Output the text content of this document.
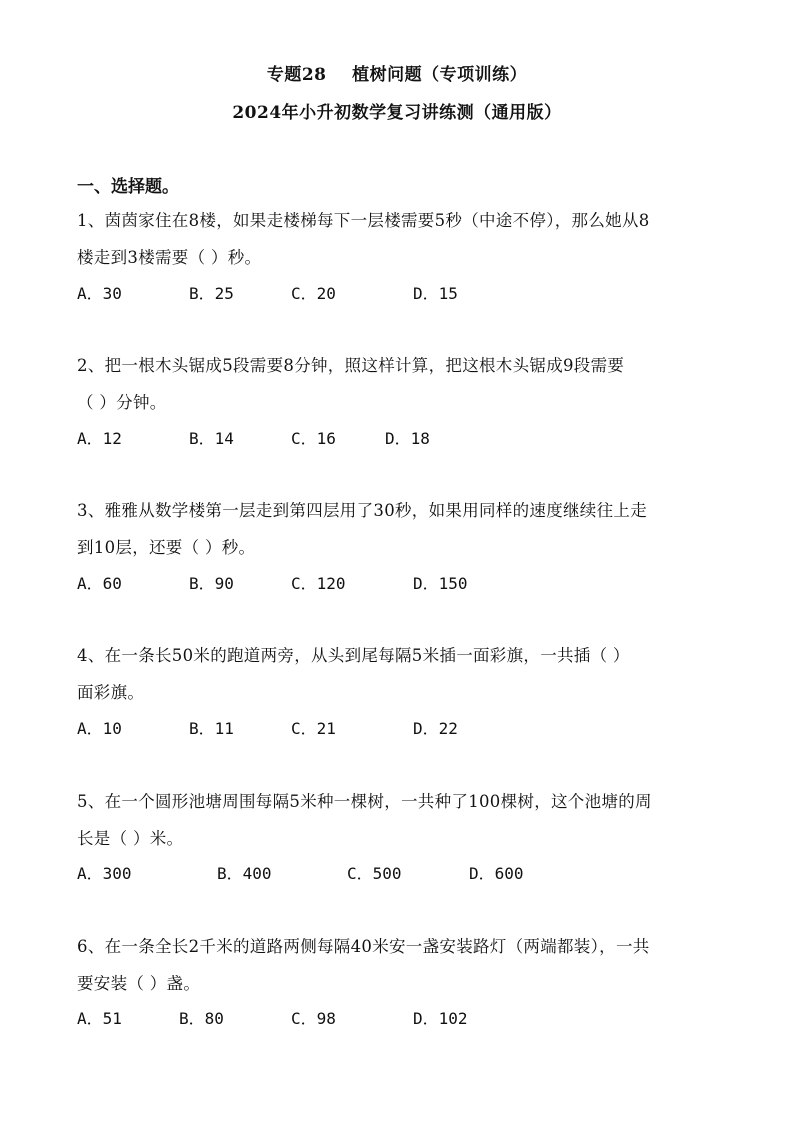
专题28    植树问题（专项训练）
2024年小升初数学复习讲练测（通用版）
一、选择题。
1、茵茵家住在8楼，如果走楼梯每下一层楼需要5秒（中途不停），那么她从8
楼走到3楼需要（ ）秒。
A．30	B．25	C．20	D．15
2、把一根木头锯成5段需要8分钟，照这样计算，把这根木头锯成9段需要
（ ）分钟。
A．12	B．14	C．16	D．18
3、雅雅从数学楼第一层走到第四层用了30秒，如果用同样的速度继续往上走
到10层，还要（ ）秒。
A．60	B．90	C．120	D．150
4、在一条长50米的跑道两旁，从头到尾每隔5米插一面彩旗，一共插（ ）
面彩旗。
A．10	B．11	C．21	D．22
5、在一个圆形池塘周围每隔5米种一棵树，一共种了100棵树，这个池塘的周
长是（ ）米。
A．300	B．400	C．500	D．600
6、在一条全长2千米的道路两侧每隔40米安一盏安装路灯（两端都装），一共
要安装（ ）盏。
A．51	B．80	C．98	D．102
